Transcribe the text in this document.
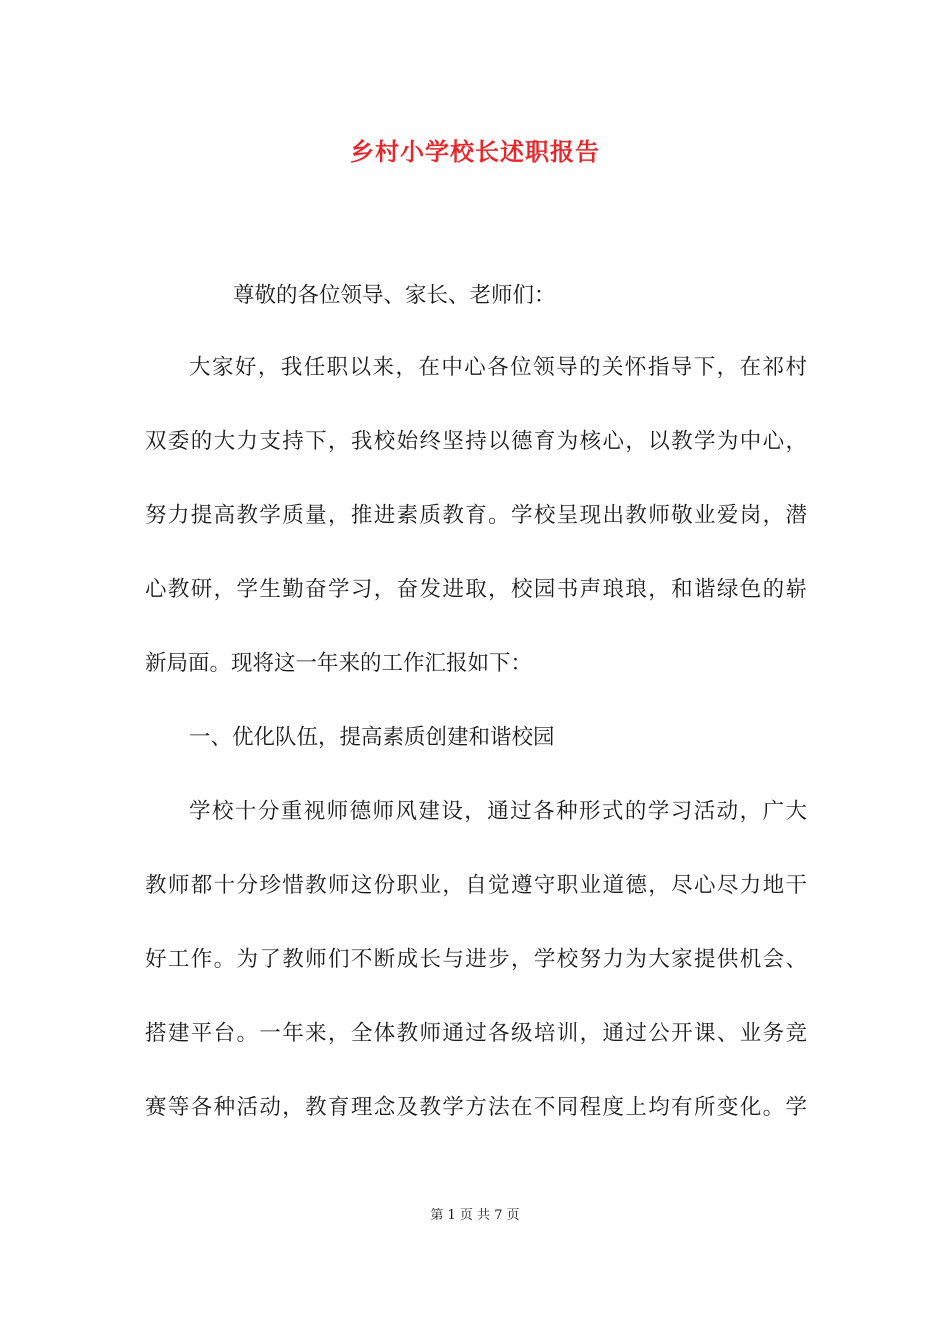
乡村小学校长述职报告

尊敬的各位领导、家长、老师们：

大家好，我任职以来，在中心各位领导的关怀指导下，在祁村

双委的大力支持下，我校始终坚持以德育为核心，以教学为中心，

努力提高教学质量，推进素质教育。学校呈现出教师敬业爱岗，潜

心教研，学生勤奋学习，奋发进取，校园书声琅琅，和谐绿色的崭

新局面。现将这一年来的工作汇报如下：

一、优化队伍，提高素质创建和谐校园

学校十分重视师德师风建设，通过各种形式的学习活动，广大

教师都十分珍惜教师这份职业，自觉遵守职业道德，尽心尽力地干

好工作。为了教师们不断成长与进步，学校努力为大家提供机会、

搭建平台。一年来，全体教师通过各级培训，通过公开课、业务竞

赛等各种活动，教育理念及教学方法在不同程度上均有所变化。学

第 1 页 共 7 页
